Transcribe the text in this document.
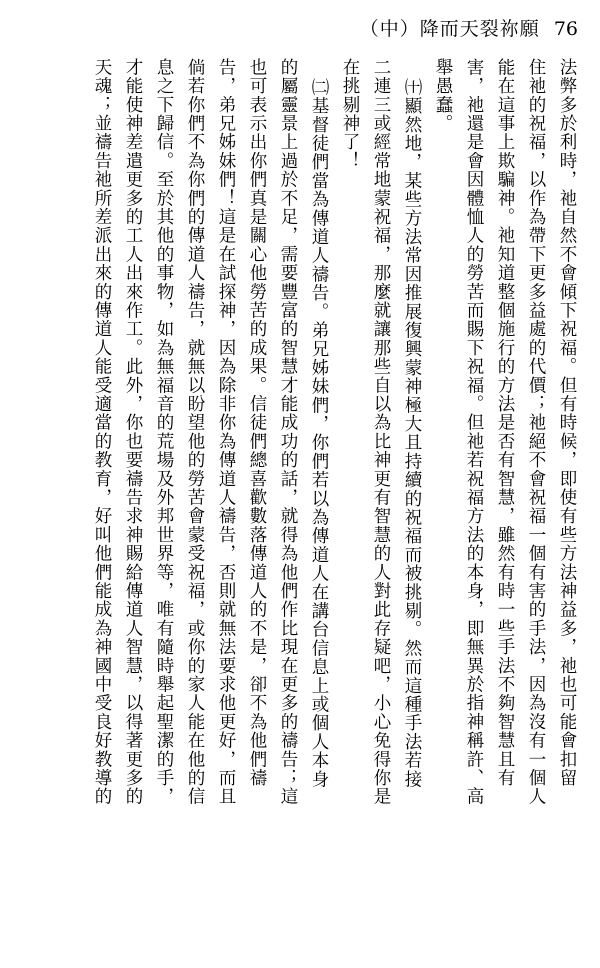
（中）降而天裂祢願 76
法弊多於利時，祂自然不會傾下祝福。但有時候，即使有些方法神益多，祂也可能會扣留
住祂的祝福，以作為帶下更多益處的代價；祂絕不會祝福一個有害的手法，因為沒有一個人
能在這事上欺騙神。祂知道整個施行的方法是否有智慧，雖然有時一些手法不夠智慧且有
害，祂還是會因體恤人的勞苦而賜下祝福。但祂若祝福方法的本身，即無異於指神稱許、高
舉愚蠢。
㈩顯然地，某些方法常因推展復興蒙神極大且持續的祝福而被挑剔。然而這種手法若接
二連三或經常地蒙祝福，那麼就讓那些自以為比神更有智慧的人對此存疑吧，小心免得你是
在挑剔神了！
㈡基督徒們當為傳道人禱告。弟兄姊妹們，你們若以為傳道人在講台信息上或個人本身
的屬靈景上過於不足，需要豐富的智慧才能成功的話，就得為他們作比現在更多的禱告；這
也可表示出你們真是關心他勞苦的成果。信徒們總喜歡數落傳道人的不是，卻不為他們禱
告，弟兄姊妹們！這是在試探神，因為除非你為傳道人禱告，否則就無法要求他更好，而且
倘若你們不為你們的傳道人禱告，就無以盼望他的勞苦會蒙受祝福，或你的家人能在他的信
息之下歸信。至於其他的事物，如為無福音的荒場及外邦世界等，唯有隨時舉起聖潔的手，
才能使神差遣更多的工人出來作工。此外，你也要禱告求神賜給傳道人智慧，以得著更多的
天魂；並禱告祂所差派出來的傳道人能受適當的教育，好叫他們能成為神國中受良好教導的
